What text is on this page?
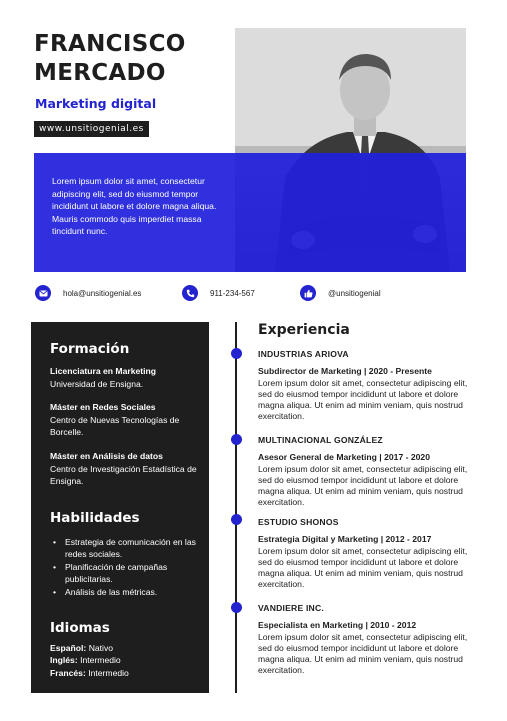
FRANCISCO
MERCADO
Marketing digital
www.unsitiogenial.es
Lorem ipsum dolor sit amet, consectetur adipiscing elit, sed do eiusmod tempor incididunt ut labore et dolore magna aliqua. Mauris commodo quis imperdiet massa tincidunt nunc.
hola@unsitiogenial.es	911-234-567	@unsitiogenial
Formación
Licenciatura en Marketing
Universidad de Ensigna.
Máster en Redes Sociales
Centro de Nuevas Tecnologías de Borcelle.
Máster en Análisis de datos
Centro de Investigación Estadística de Ensigna.
Habilidades
• Estrategia de comunicación en las redes sociales.
• Planificación de campañas publicitarias.
• Análisis de las métricas.
Idiomas
Español: Nativo
Inglés: Intermedio
Francés: Intermedio
Experiencia
INDUSTRIAS ARIOVA
Subdirector de Marketing | 2020 - Presente
Lorem ipsum dolor sit amet, consectetur adipiscing elit, sed do eiusmod tempor incididunt ut labore et dolore magna aliqua. Ut enim ad minim veniam, quis nostrud exercitation.
MULTINACIONAL GONZÁLEZ
Asesor General de Marketing | 2017 - 2020
Lorem ipsum dolor sit amet, consectetur adipiscing elit, sed do eiusmod tempor incididunt ut labore et dolore magna aliqua. Ut enim ad minim veniam, quis nostrud exercitation.
ESTUDIO SHONOS
Estrategia Digital y Marketing | 2012 - 2017
Lorem ipsum dolor sit amet, consectetur adipiscing elit, sed do eiusmod tempor incididunt ut labore et dolore magna aliqua. Ut enim ad minim veniam, quis nostrud exercitation.
VANDIERE INC.
Especialista en Marketing | 2010 - 2012
Lorem ipsum dolor sit amet, consectetur adipiscing elit, sed do eiusmod tempor incididunt ut labore et dolore magna aliqua. Ut enim ad minim veniam, quis nostrud exercitation.
